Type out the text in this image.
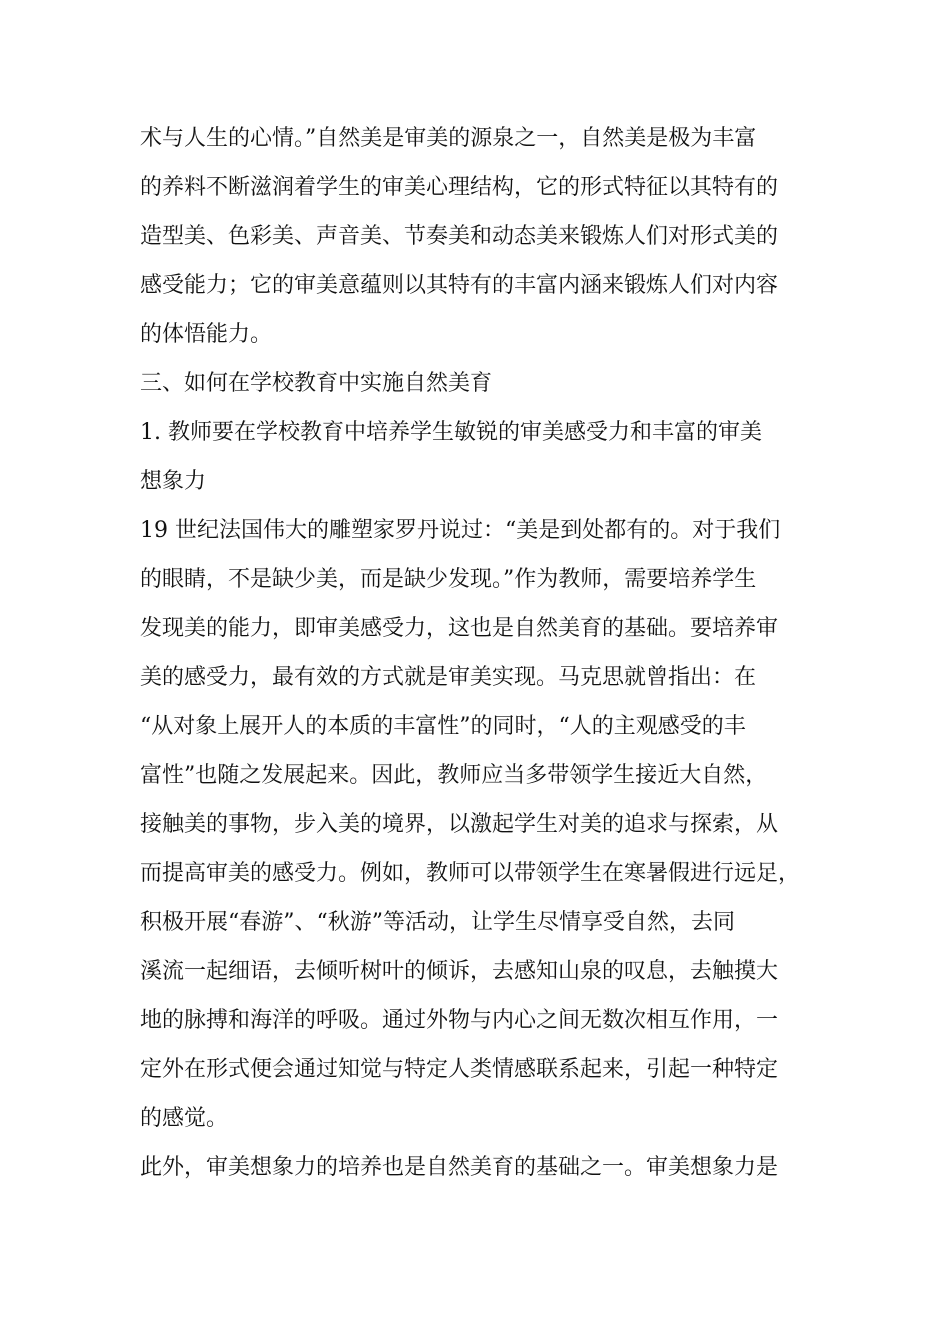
术与人生的心情。”自然美是审美的源泉之一，自然美是极为丰富
的养料不断滋润着学生的审美心理结构，它的形式特征以其特有的
造型美、色彩美、声音美、节奏美和动态美来锻炼人们对形式美的
感受能力；它的审美意蕴则以其特有的丰富内涵来锻炼人们对内容
的体悟能力。
三、如何在学校教育中实施自然美育
1. 教师要在学校教育中培养学生敏锐的审美感受力和丰富的审美
想象力
19 世纪法国伟大的雕塑家罗丹说过：“美是到处都有的。对于我们
的眼睛，不是缺少美，而是缺少发现。”作为教师，需要培养学生
发现美的能力，即审美感受力，这也是自然美育的基础。要培养审
美的感受力，最有效的方式就是审美实现。马克思就曾指出：在
“从对象上展开人的本质的丰富性”的同时，“人的主观感受的丰
富性”也随之发展起来。因此，教师应当多带领学生接近大自然，
接触美的事物，步入美的境界，以激起学生对美的追求与探索，从
而提高审美的感受力。例如，教师可以带领学生在寒暑假进行远足，
积极开展“春游”、“秋游”等活动，让学生尽情享受自然，去同
溪流一起细语，去倾听树叶的倾诉，去感知山泉的叹息，去触摸大
地的脉搏和海洋的呼吸。通过外物与内心之间无数次相互作用，一
定外在形式便会通过知觉与特定人类情感联系起来，引起一种特定
的感觉。
此外，审美想象力的培养也是自然美育的基础之一。审美想象力是
